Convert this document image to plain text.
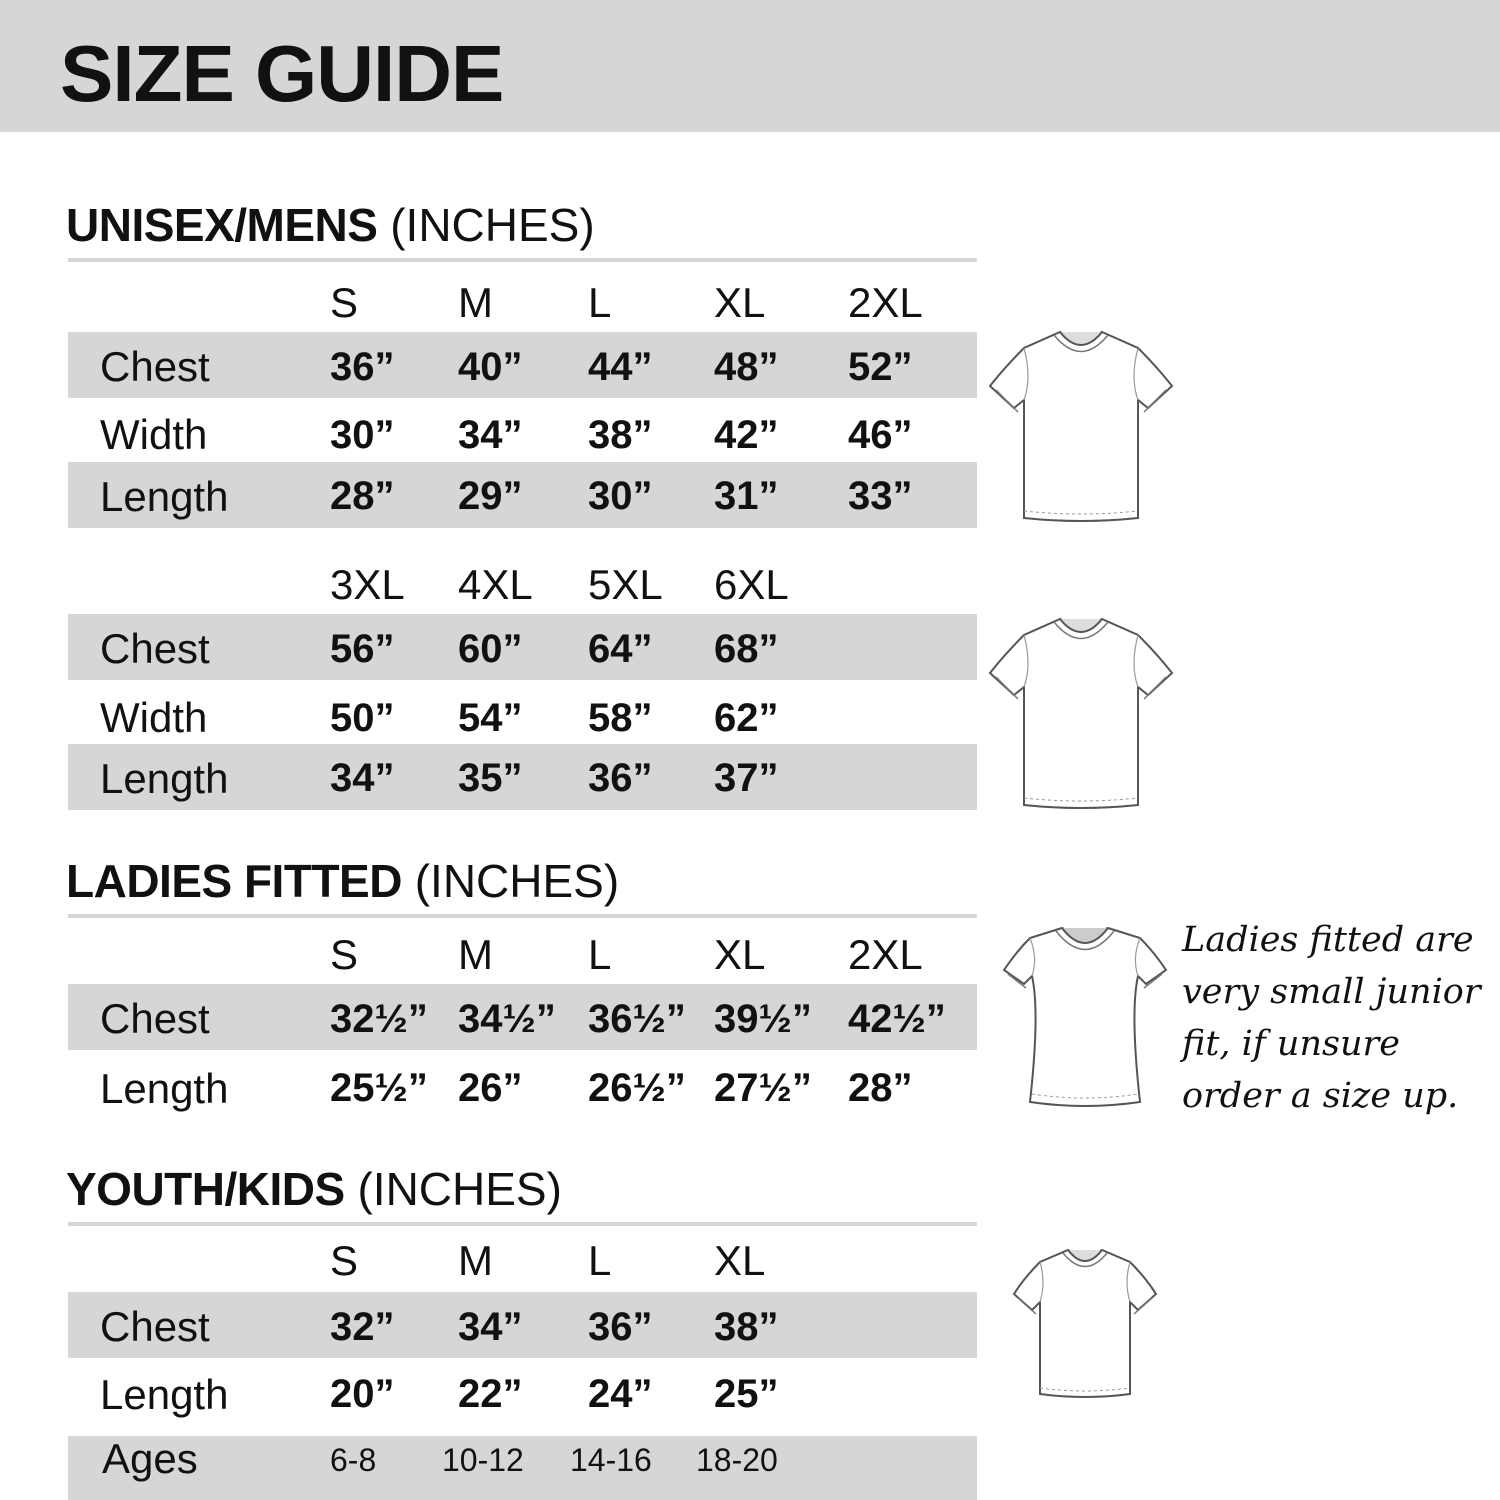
SIZE GUIDE
UNISEX/MENS (INCHES)
S M L XL 2XL
Chest	36” 40” 44” 48” 52”
Width	30” 34” 38” 42” 46”
Length	28” 29” 30” 31” 33”
3XL 4XL 5XL 6XL
Chest	56” 60” 64” 68”
Width	50” 54” 58” 62”
Length	34” 35” 36” 37”
LADIES FITTED (INCHES)
S M L XL 2XL
Chest	32½” 34½” 36½” 39½” 42½”
Length	25½” 26” 26½” 27½” 28”

Ladies fitted are very small junior fit, if unsure order a size up.

YOUTH/KIDS (INCHES)
S M L XL
Chest	32” 34” 36” 38”
Length	20” 22” 24” 25”
Ages	6-8 10-12 14-16 18-20
